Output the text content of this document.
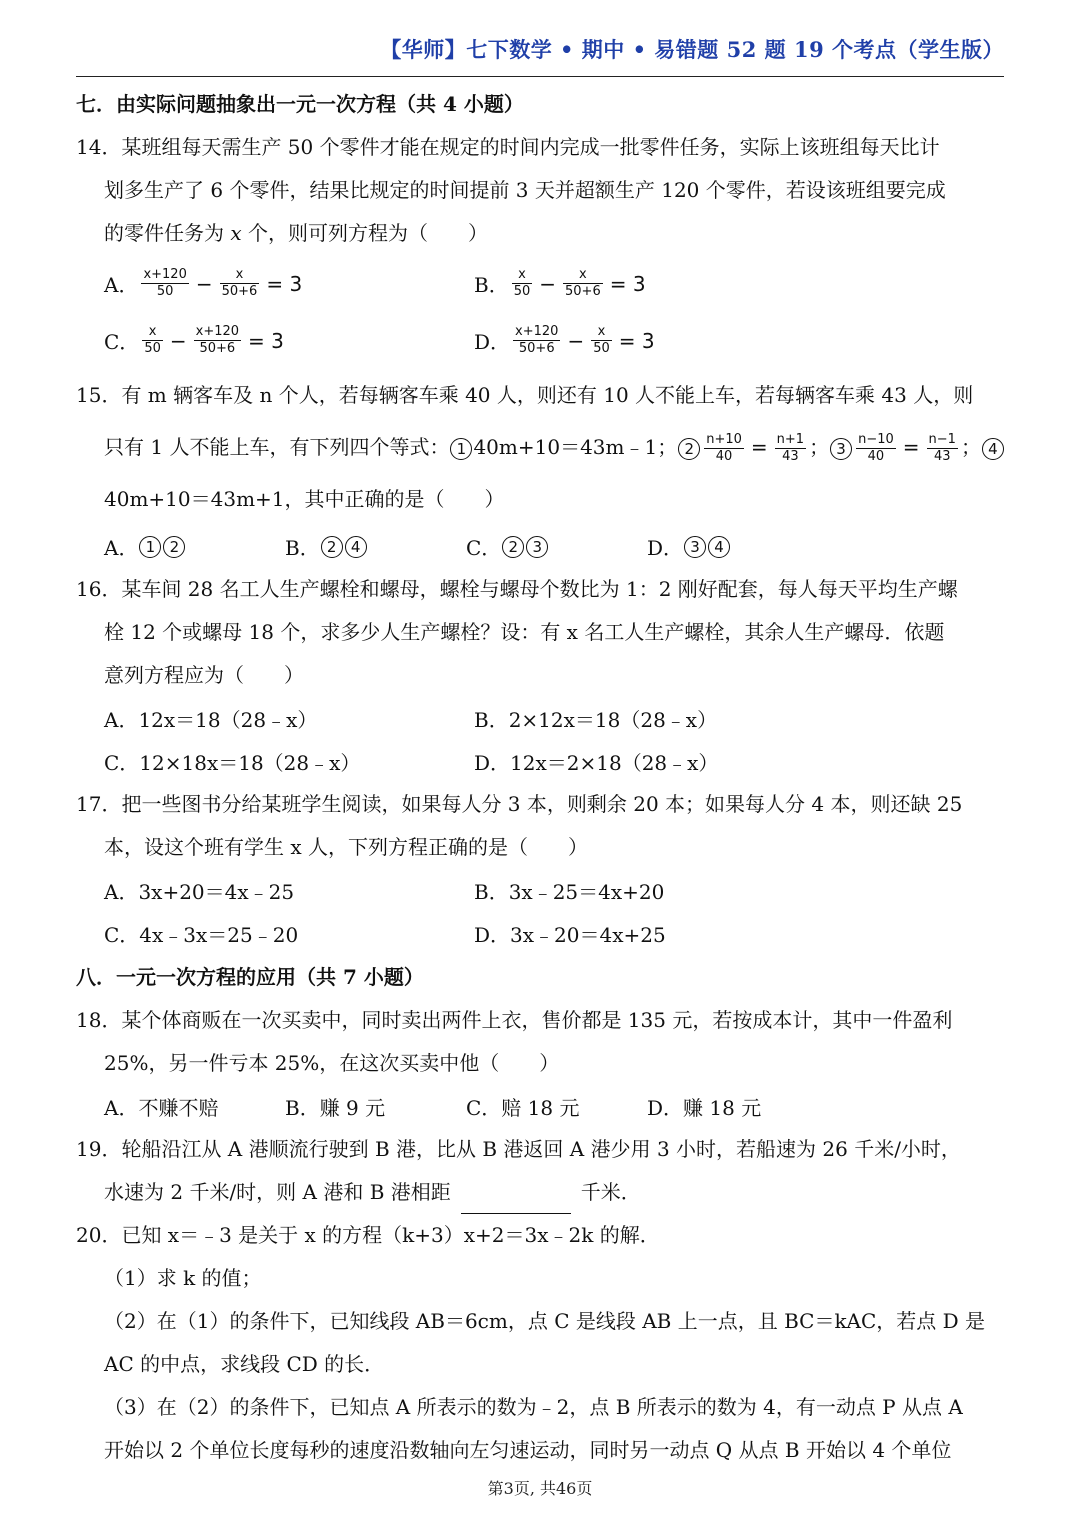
【华师】七下数学 • 期中 • 易错题 52 题 19 个考点（学生版）
七．由实际问题抽象出一元一次方程（共 4 小题）
14．某班组每天需生产 50 个零件才能在规定的时间内完成一批零件任务，实际上该班组每天比计
划多生产了 6 个零件，结果比规定的时间提前 3 天并超额生产 120 个零件，若设该班组要完成
的零件任务为 x 个，则可列方程为（　　）
A． $\frac{x+120}{50} - \frac{x}{50+6} = 3$	B． $\frac{x}{50} - \frac{x}{50+6} = 3$
C． $\frac{x}{50} - \frac{x+120}{50+6} = 3$	D． $\frac{x+120}{50+6} - \frac{x}{50} = 3$
15．有 m 辆客车及 n 个人，若每辆客车乘 40 人，则还有 10 人不能上车，若每辆客车乘 43 人，则
只有 1 人不能上车，有下列四个等式： 1 40m+10＝43m﹣1； $2 \frac{n+10}{40} = \frac{n+1}{43}$ ； $3 \frac{n-10}{40} = \frac{n-1}{43}$ ； 4
40m+10＝43m+1，其中正确的是（　　）
A． 1 2	B． 2 4	C． 2 3	D． 3 4
16．某车间 28 名工人生产螺栓和螺母，螺栓与螺母个数比为 1：2 刚好配套，每人每天平均生产螺
栓 12 个或螺母 18 个，求多少人生产螺栓？设：有 x 名工人生产螺栓，其余人生产螺母．依题
意列方程应为（　　）
A．12x＝18（28﹣x）	B．2×12x＝18（28﹣x）
C．12×18x＝18（28﹣x）	D．12x＝2×18（28﹣x）
17．把一些图书分给某班学生阅读，如果每人分 3 本，则剩余 20 本；如果每人分 4 本，则还缺 25
本，设这个班有学生 x 人，下列方程正确的是（　　）
A．3x+20＝4x﹣25	B．3x﹣25＝4x+20
C．4x﹣3x＝25﹣20	D．3x﹣20＝4x+25
八．一元一次方程的应用（共 7 小题）
18．某个体商贩在一次买卖中，同时卖出两件上衣，售价都是 135 元，若按成本计，其中一件盈利
25%，另一件亏本 25%，在这次买卖中他（　　）
A．不赚不赔	B．赚 9 元	C．赔 18 元	D．赚 18 元
19．轮船沿江从 A 港顺流行驶到 B 港，比从 B 港返回 A 港少用 3 小时，若船速为 26 千米/小时，
水速为 2 千米/时，则 A 港和 B 港相距	千米．
20．已知 x＝﹣3 是关于 x 的方程（k+3）x+2＝3x﹣2k 的解．
（1）求 k 的值；
（2）在（1）的条件下，已知线段 AB＝6cm，点 C 是线段 AB 上一点，且 BC＝kAC，若点 D 是
AC 的中点，求线段 CD 的长．
（3）在（2）的条件下，已知点 A 所表示的数为﹣2，点 B 所表示的数为 4，有一动点 P 从点 A
开始以 2 个单位长度每秒的速度沿数轴向左匀速运动，同时另一动点 Q 从点 B 开始以 4 个单位
第3页, 共46页
